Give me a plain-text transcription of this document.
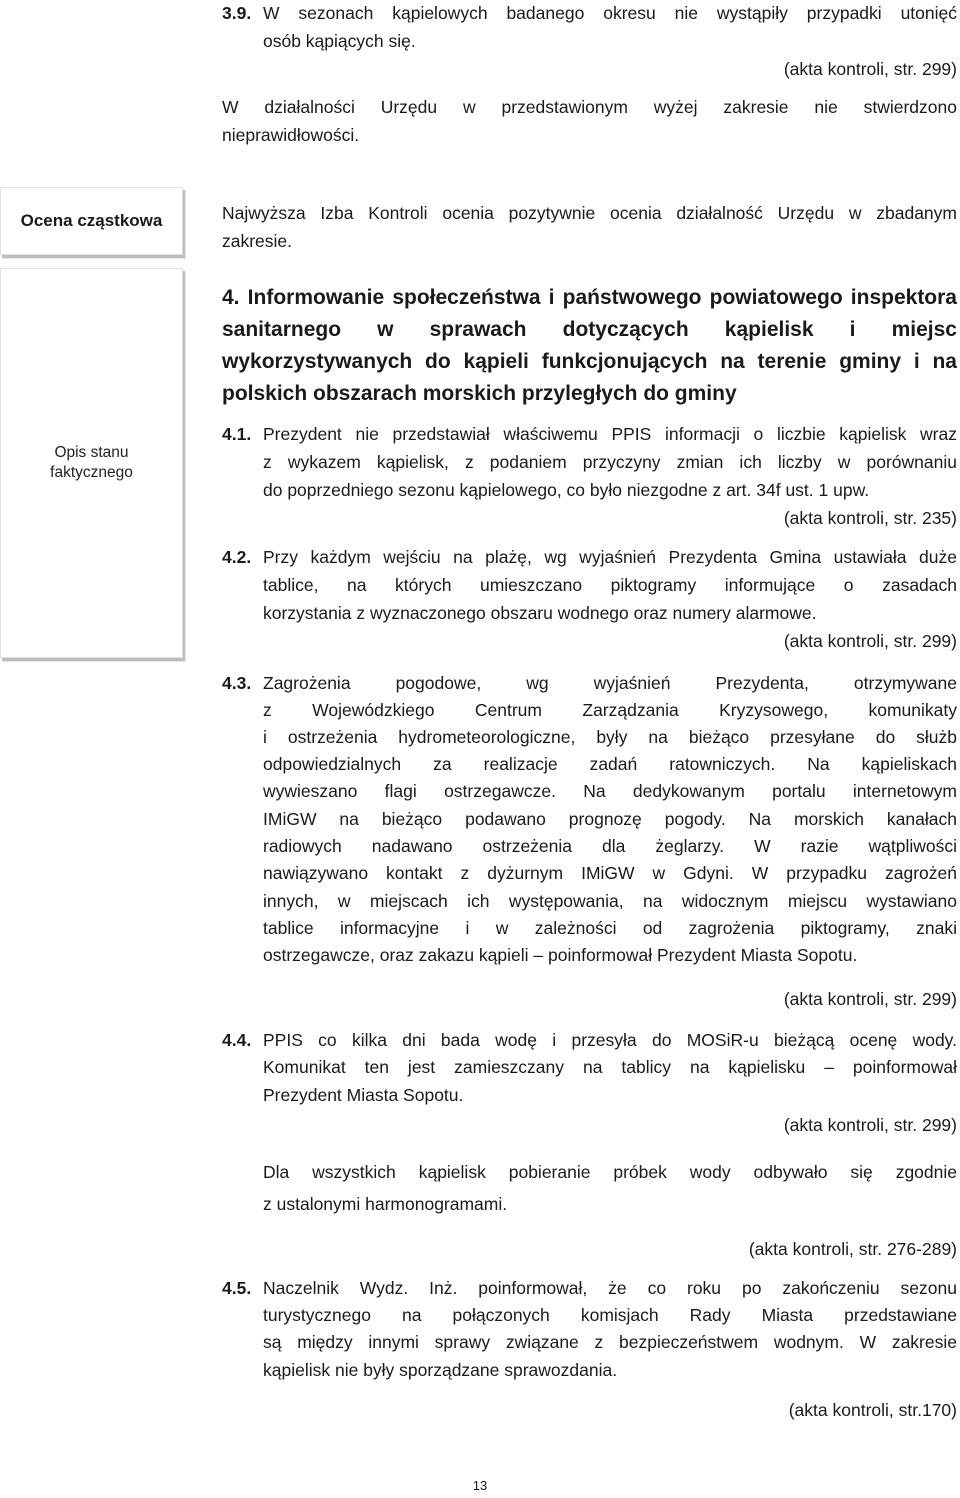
3.9. W sezonach kąpielowych badanego okresu nie wystąpiły przypadki utonięć
osób kąpiących się.
(akta kontroli, str. 299)
W działalności Urzędu w przedstawionym wyżej zakresie nie stwierdzono
nieprawidłowości.
Ocena cząstkowa	Najwyższa Izba Kontroli ocenia pozytywnie ocenia działalność Urzędu w zbadanym
zakresie.
Opis stanu
faktycznego
4. Informowanie społeczeństwa i państwowego powiatowego inspektora sanitarnego w sprawach dotyczących kąpielisk i miejsc wykorzystywanych do kąpieli funkcjonujących na terenie gminy i na polskich obszarach morskich przyległych do gminy
4.1. Prezydent nie przedstawiał właściwemu PPIS informacji o liczbie kąpielisk wraz
z wykazem kąpielisk, z podaniem przyczyny zmian ich liczby w porównaniu
do poprzedniego sezonu kąpielowego, co było niezgodne z art. 34f ust. 1 upw.
(akta kontroli, str. 235)
4.2. Przy każdym wejściu na plażę, wg wyjaśnień Prezydenta Gmina ustawiała duże
tablice, na których umieszczano piktogramy informujące o zasadach
korzystania z wyznaczonego obszaru wodnego oraz numery alarmowe.
(akta kontroli, str. 299)
4.3. Zagrożenia pogodowe, wg wyjaśnień Prezydenta, otrzymywane
z Wojewódzkiego Centrum Zarządzania Kryzysowego, komunikaty
i ostrzeżenia hydrometeorologiczne, były na bieżąco przesyłane do służb
odpowiedzialnych za realizacje zadań ratowniczych. Na kąpieliskach
wywieszano flagi ostrzegawcze. Na dedykowanym portalu internetowym
IMiGW na bieżąco podawano prognozę pogody. Na morskich kanałach
radiowych nadawano ostrzeżenia dla żeglarzy. W razie wątpliwości
nawiązywano kontakt z dyżurnym IMiGW w Gdyni. W przypadku zagrożeń
innych, w miejscach ich występowania, na widocznym miejscu wystawiano
tablice informacyjne i w zależności od zagrożenia piktogramy, znaki
ostrzegawcze, oraz zakazu kąpieli – poinformował Prezydent Miasta Sopotu.
(akta kontroli, str. 299)
4.4. PPIS co kilka dni bada wodę i przesyła do MOSiR-u bieżącą ocenę wody.
Komunikat ten jest zamieszczany na tablicy na kąpielisku – poinformował
Prezydent Miasta Sopotu.
(akta kontroli, str. 299)
Dla wszystkich kąpielisk pobieranie próbek wody odbywało się zgodnie
z ustalonymi harmonogramami.
(akta kontroli, str. 276-289)
4.5. Naczelnik Wydz. Inż. poinformował, że co roku po zakończeniu sezonu
turystycznego na połączonych komisjach Rady Miasta przedstawiane
są między innymi sprawy związane z bezpieczeństwem wodnym. W zakresie
kąpielisk nie były sporządzane sprawozdania.
(akta kontroli, str.170)
13
